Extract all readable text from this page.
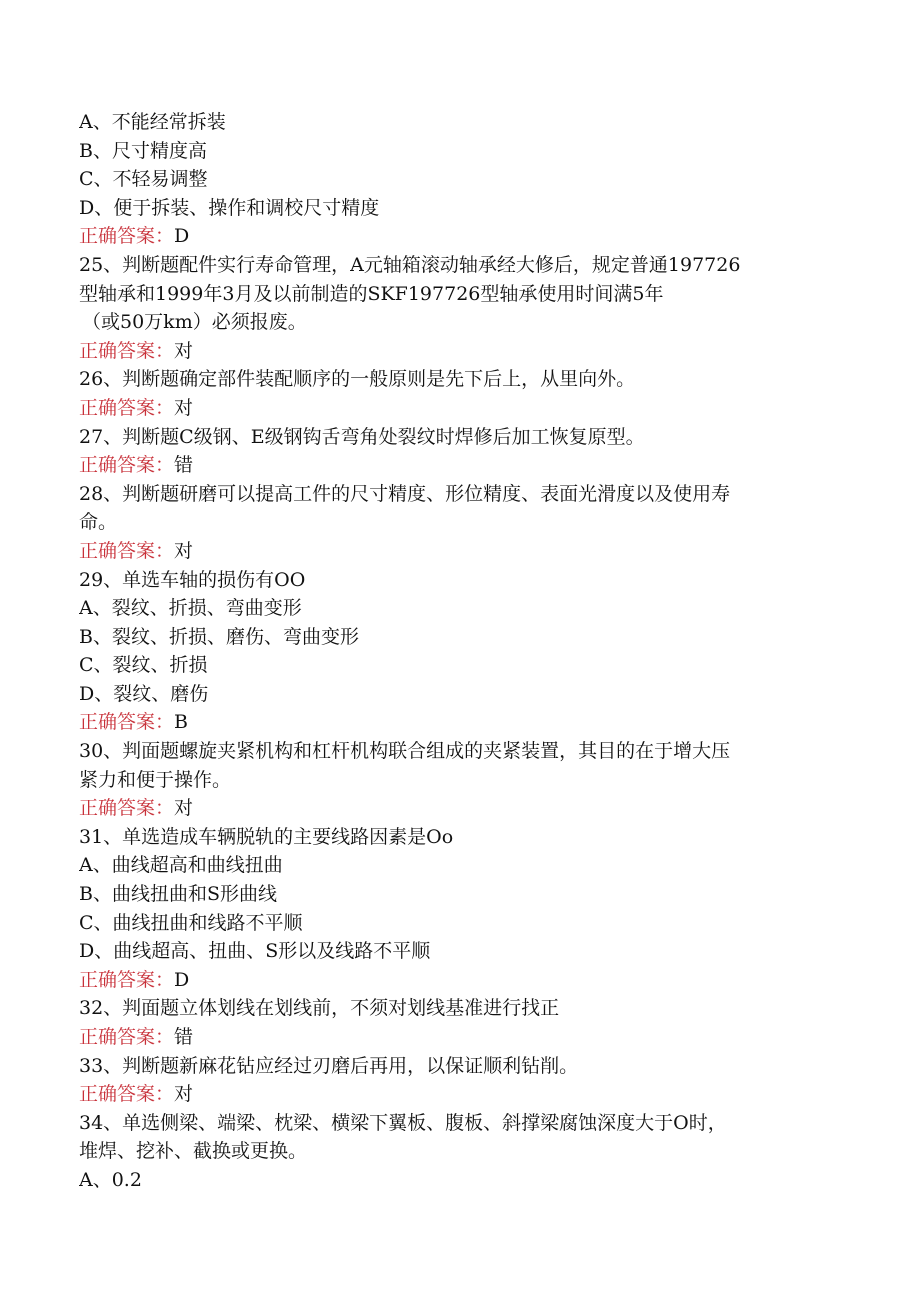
A、不能经常拆装
B、尺寸精度高
C、不轻易调整
D、便于拆装、操作和调校尺寸精度
正确答案：D
25、判断题配件实行寿命管理，A元轴箱滚动轴承经大修后，规定普通197726
型轴承和1999年3月及以前制造的SKF197726型轴承使用时间满5年
（或50万km）必须报废。
正确答案：对
26、判断题确定部件装配顺序的一般原则是先下后上，从里向外。
正确答案：对
27、判断题C级钢、E级钢钩舌弯角处裂纹时焊修后加工恢复原型。
正确答案：错
28、判断题研磨可以提高工件的尺寸精度、形位精度、表面光滑度以及使用寿
命。
正确答案：对
29、单选车轴的损伤有OO
A、裂纹、折损、弯曲变形
B、裂纹、折损、磨伤、弯曲变形
C、裂纹、折损
D、裂纹、磨伤
正确答案：B
30、判面题螺旋夹紧机构和杠杆机构联合组成的夹紧装置，其目的在于增大压
紧力和便于操作。
正确答案：对
31、单选造成车辆脱轨的主要线路因素是Oo
A、曲线超高和曲线扭曲
B、曲线扭曲和S形曲线
C、曲线扭曲和线路不平顺
D、曲线超高、扭曲、S形以及线路不平顺
正确答案：D
32、判面题立体划线在划线前，不须对划线基准进行找正
正确答案：错
33、判断题新麻花钻应经过刃磨后再用，以保证顺利钻削。
正确答案：对
34、单选侧梁、端梁、枕梁、横梁下翼板、腹板、斜撑梁腐蚀深度大于O时，
堆焊、挖补、截换或更换。
A、0.2
